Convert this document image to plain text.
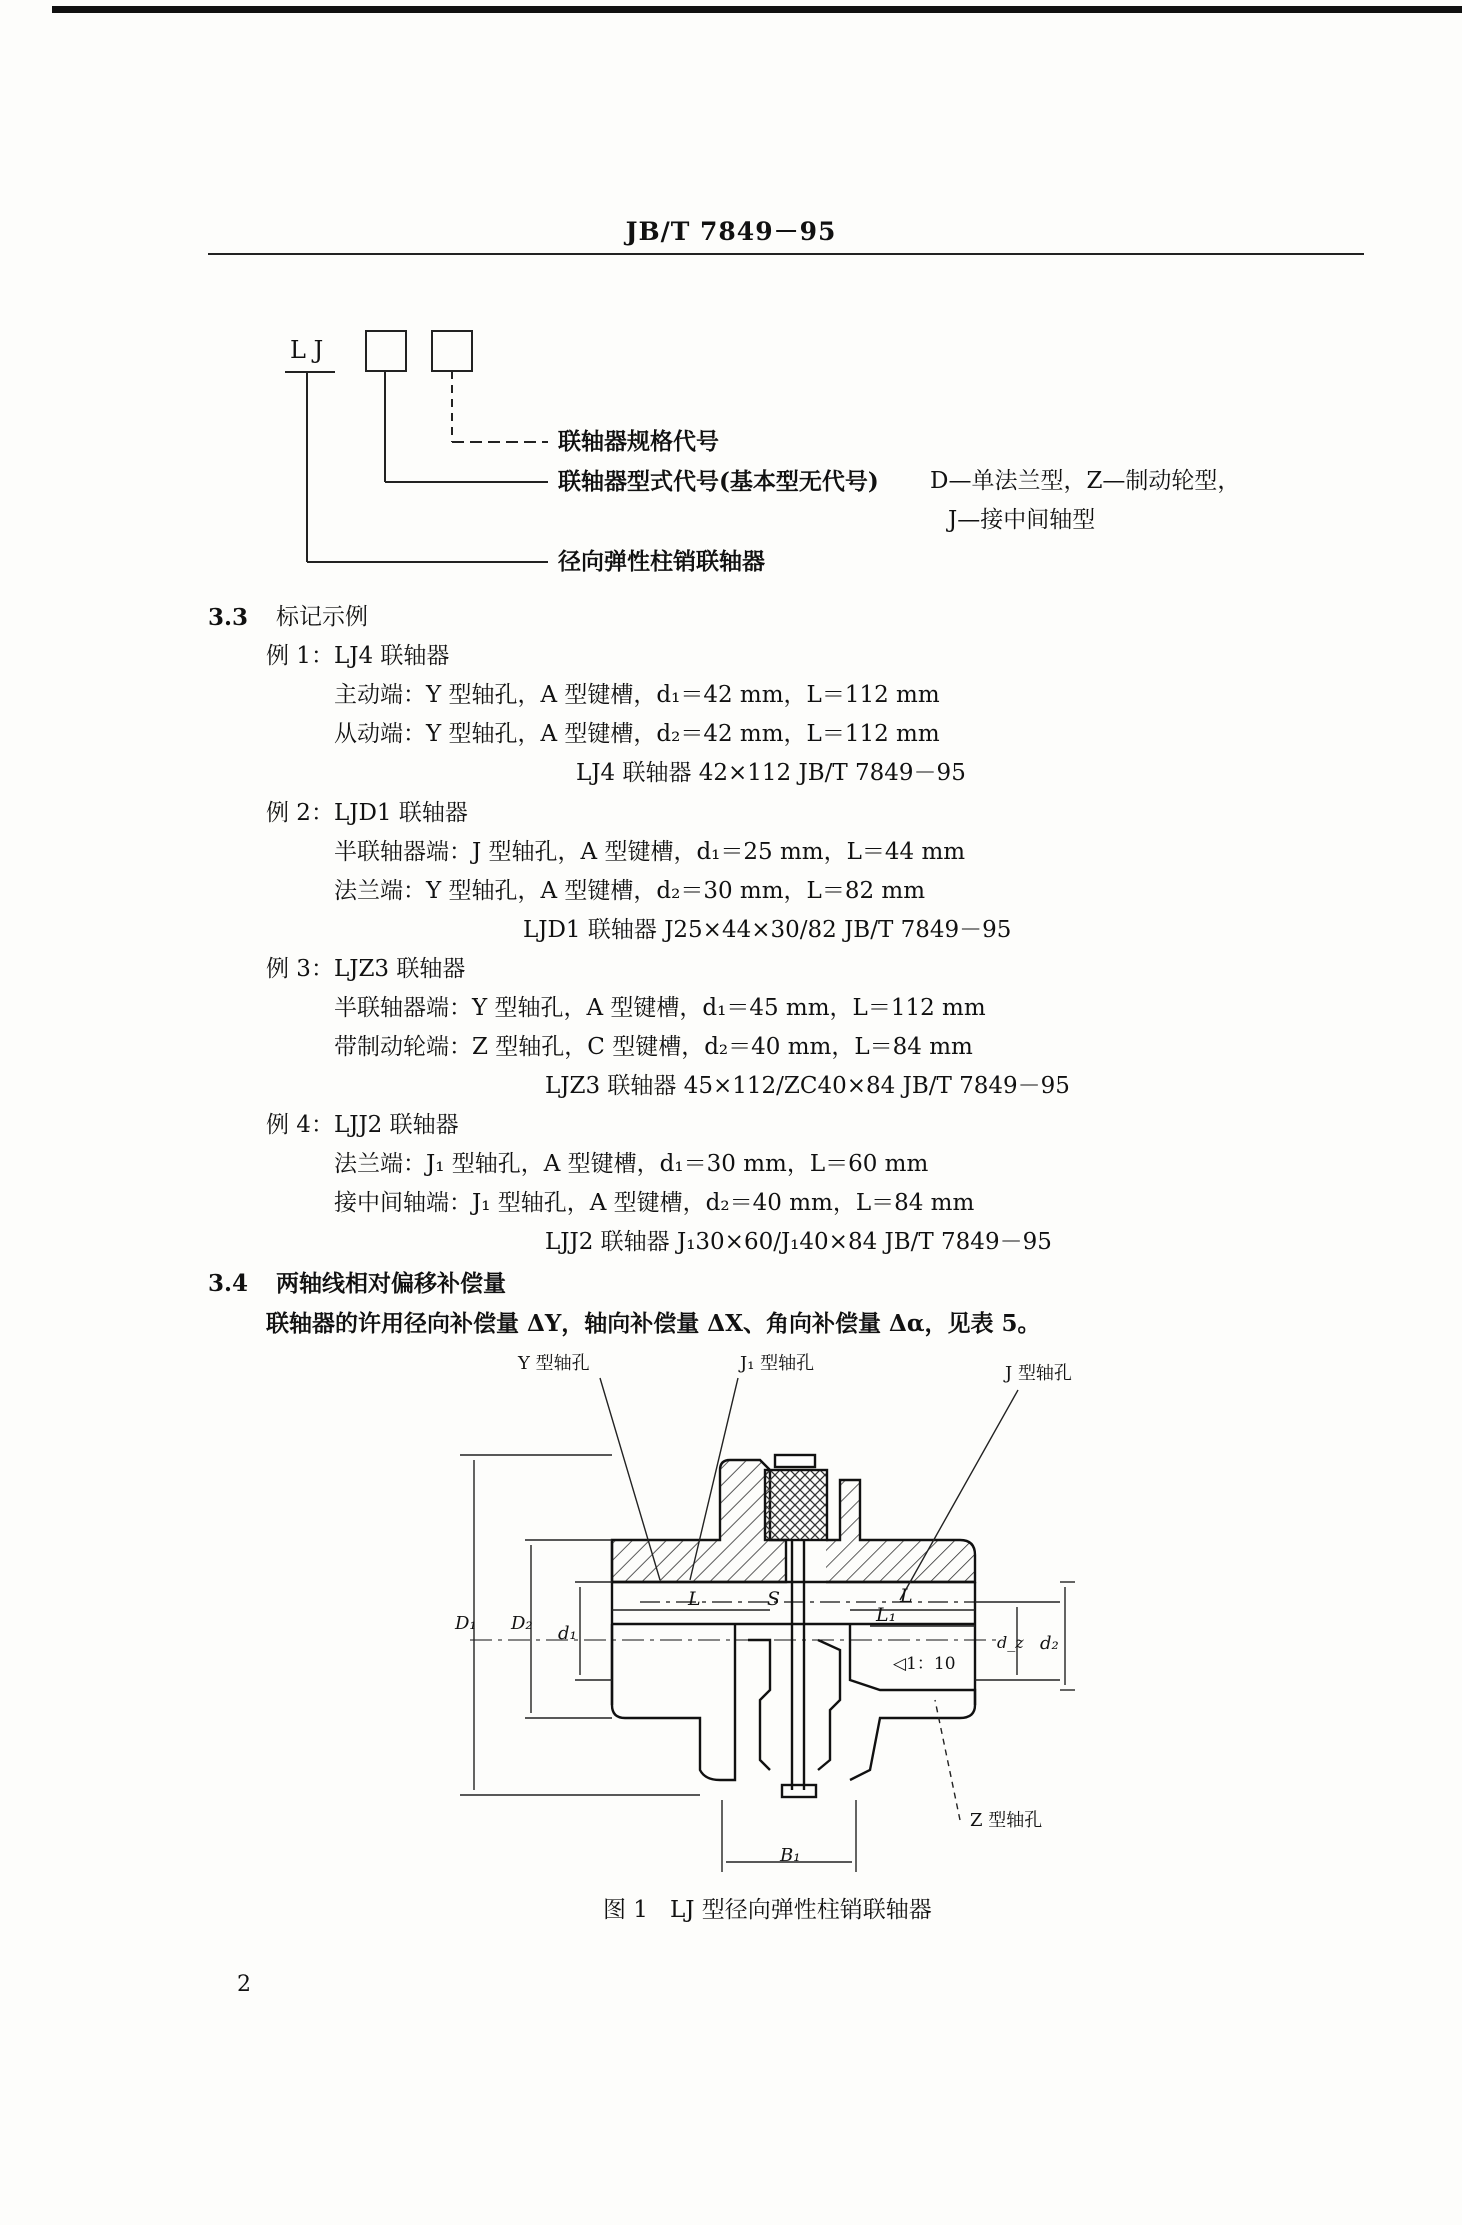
JB/T 7849－95
L J
联轴器规格代号
联轴器型式代号(基本型无代号) D—单法兰型，Z—制动轮型，
J—接中间轴型
径向弹性柱销联轴器
3.3 标记示例
例 1：LJ4 联轴器
主动端：Y 型轴孔，A 型键槽，d₁＝42 mm，L＝112 mm
从动端：Y 型轴孔，A 型键槽，d₂＝42 mm，L＝112 mm
LJ4 联轴器 42×112 JB/T 7849－95
例 2：LJD1 联轴器
半联轴器端：J 型轴孔，A 型键槽，d₁＝25 mm，L＝44 mm
法兰端：Y 型轴孔，A 型键槽，d₂＝30 mm，L＝82 mm
LJD1 联轴器 J25×44×30/82 JB/T 7849－95
例 3：LJZ3 联轴器
半联轴器端：Y 型轴孔，A 型键槽，d₁＝45 mm，L＝112 mm
带制动轮端：Z 型轴孔，C 型键槽，d₂＝40 mm，L＝84 mm
LJZ3 联轴器 45×112/ZC40×84 JB/T 7849－95
例 4：LJJ2 联轴器
法兰端：J₁ 型轴孔，A 型键槽，d₁＝30 mm，L＝60 mm
接中间轴端：J₁ 型轴孔，A 型键槽，d₂＝40 mm，L＝84 mm
LJJ2 联轴器 J₁30×60/J₁40×84 JB/T 7849－95
3.4 两轴线相对偏移补偿量
联轴器的许用径向补偿量 ΔY，轴向补偿量 ΔX、角向补偿量 Δα，见表 5。
Y 型轴孔	J₁ 型轴孔	J 型轴孔
Z 型轴孔
D₁ D₂ d₁	d_z d₂
L	S	L
L₁
◁1：10
B₁
图 1 LJ 型径向弹性柱销联轴器
2
